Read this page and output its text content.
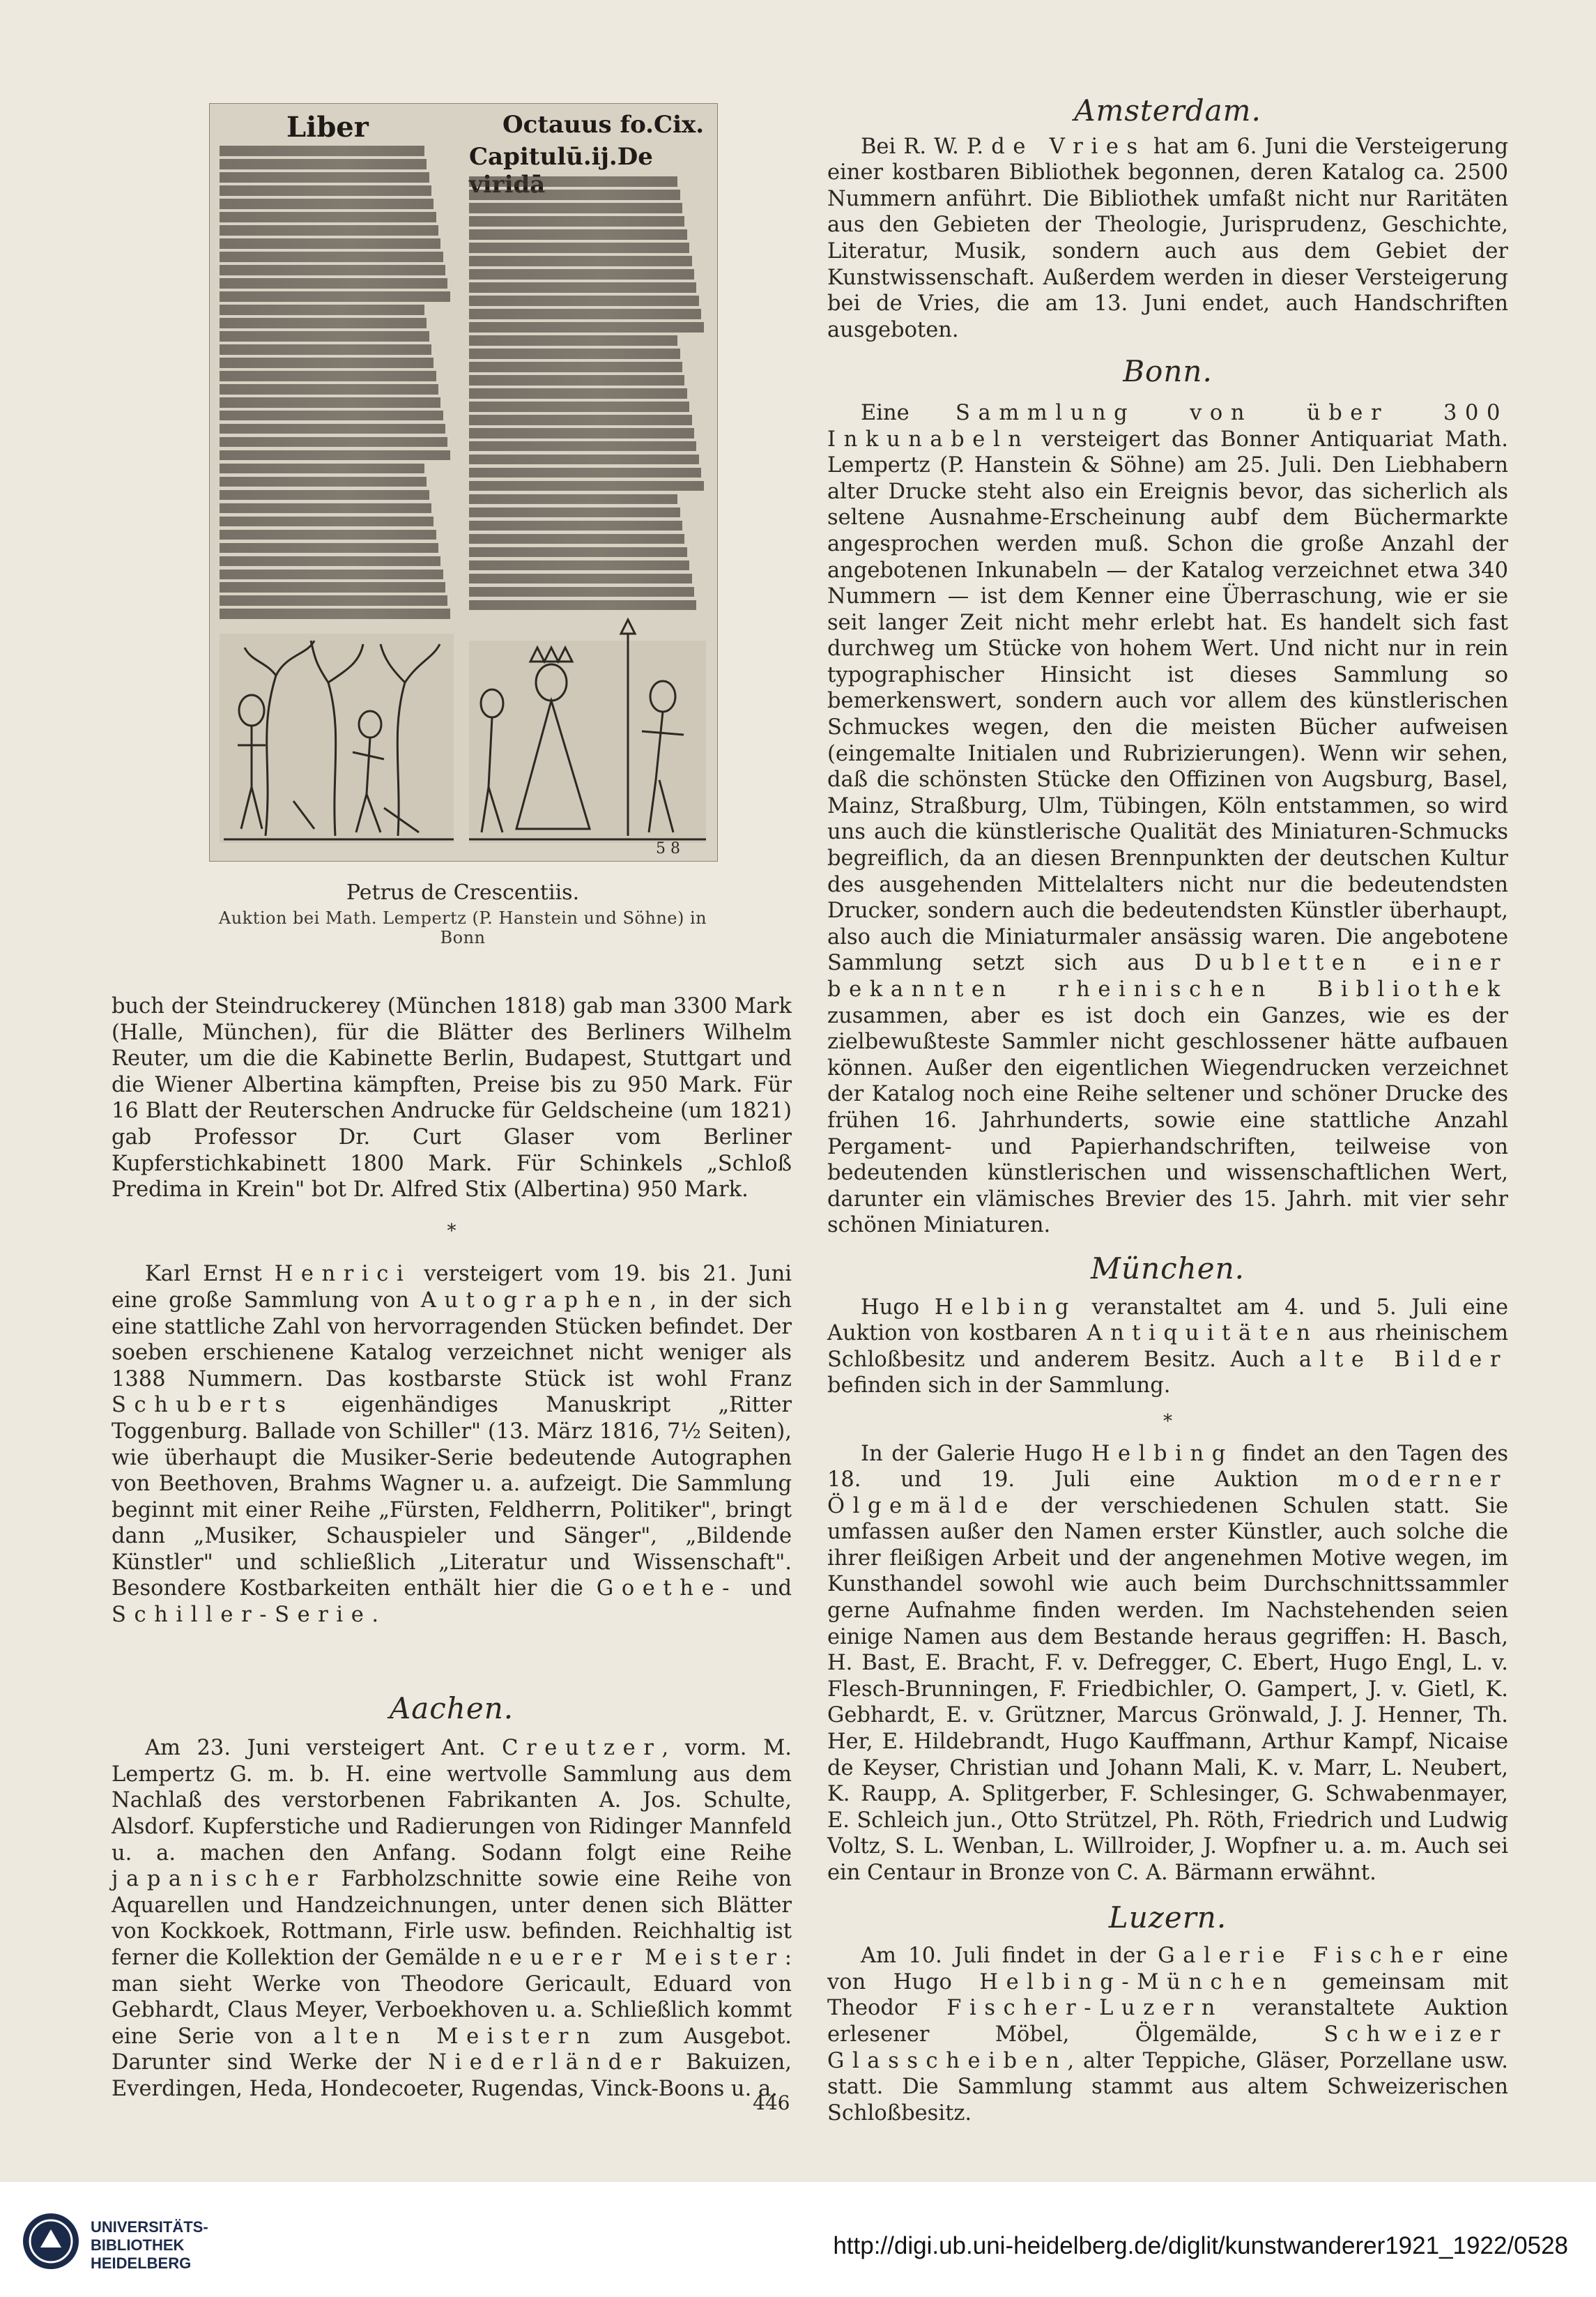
Liber	Octauus fo.Cix.
Capitulū.ij.De
5 8
Petrus de Crescentiis.
Auktion bei Math. Lempertz (P. Hanstein und Söhne) in Bonn

buch der Steindruckerey (München 1818) gab man 3300 Mark (Halle, München), für die Blätter des Berliners Wilhelm Reuter, um die die Kabinette Berlin, Budapest, Stuttgart und die Wiener Albertina kämpften, Preise bis zu 950 Mark. Für 16 Blatt der Reuterschen Andrucke für Geldscheine (um 1821) gab Professor Dr. Curt Glaser vom Berliner Kupferstichkabinett 1800 Mark. Für Schinkels „Schloß Predima in Krein" bot Dr. Alfred Stix (Albertina) 950 Mark.

*

Karl Ernst Henrici versteigert vom 19. bis 21. Juni eine große Sammlung von Autographen, in der sich eine stattliche Zahl von hervorragenden Stücken befindet. Der soeben erschienene Katalog verzeichnet nicht weniger als 1388 Nummern. Das kostbarste Stück ist wohl Franz Schuberts eigenhändiges Manuskript „Ritter Toggenburg. Ballade von Schiller" (13. März 1816, 7½ Seiten), wie überhaupt die Musiker-Serie bedeutende Autographen von Beethoven, Brahms Wagner u. a. aufzeigt. Die Sammlung beginnt mit einer Reihe „Fürsten, Feldherrn, Politiker", bringt dann „Musiker, Schauspieler und Sänger", „Bildende Künstler" und schließlich „Literatur und Wissenschaft". Besondere Kostbarkeiten enthält hier die Goethe- und Schiller-Serie.

Aachen.

Am 23. Juni versteigert Ant. Creutzer, vorm. M. Lempertz G. m. b. H. eine wertvolle Sammlung aus dem Nachlaß des verstorbenen Fabrikanten A. Jos. Schulte, Alsdorf. Kupferstiche und Radierungen von Ridinger Mannfeld u. a. machen den Anfang. Sodann folgt eine Reihe japanischer Farbholzschnitte sowie eine Reihe von Aquarellen und Handzeichnungen, unter denen sich Blätter von Kockkoek, Rottmann, Firle usw. befinden. Reichhaltig ist ferner die Kollektion der Gemälde neuerer Meister: man sieht Werke von Theodore Gericault, Eduard von Gebhardt, Claus Meyer, Verboekhoven u. a. Schließlich kommt eine Serie von alten Meistern zum Ausgebot. Darunter sind Werke der Niederländer Bakuizen, Everdingen, Heda, Hondecoeter, Rugendas, Vinck-Boons u. a.

Amsterdam.

Bei R. W. P. de Vries hat am 6. Juni die Versteigerung einer kostbaren Bibliothek begonnen, deren Katalog ca. 2500 Nummern anführt. Die Bibliothek umfaßt nicht nur Raritäten aus den Gebieten der Theologie, Jurisprudenz, Geschichte, Literatur, Musik, sondern auch aus dem Gebiet der Kunstwissenschaft. Außerdem werden in dieser Versteigerung bei de Vries, die am 13. Juni endet, auch Handschriften ausgeboten.

Bonn.

Eine Sammlung von über 300 Inkunabeln versteigert das Bonner Antiquariat Math. Lempertz (P. Hanstein & Söhne) am 25. Juli. Den Liebhabern alter Drucke steht also ein Ereignis bevor, das sicherlich als seltene Ausnahme-Erscheinung aubf dem Büchermarkte angesprochen werden muß. Schon die große Anzahl der angebotenen Inkunabeln — der Katalog verzeichnet etwa 340 Nummern — ist dem Kenner eine Überraschung, wie er sie seit langer Zeit nicht mehr erlebt hat. Es handelt sich fast durchweg um Stücke von hohem Wert. Und nicht nur in rein typographischer Hinsicht ist dieses Sammlung so bemerkenswert, sondern auch vor allem des künstlerischen Schmuckes wegen, den die meisten Bücher aufweisen (eingemalte Initialen und Rubrizierungen). Wenn wir sehen, daß die schönsten Stücke den Offizinen von Augsburg, Basel, Mainz, Straßburg, Ulm, Tübingen, Köln entstammen, so wird uns auch die künstlerische Qualität des Miniaturen-Schmucks begreiflich, da an diesen Brennpunkten der deutschen Kultur des ausgehenden Mittelalters nicht nur die bedeutendsten Drucker, sondern auch die bedeutendsten Künstler überhaupt, also auch die Miniaturmaler ansässig waren. Die angebotene Sammlung setzt sich aus Dubletten einer bekannten rheinischen Bibliothek zusammen, aber es ist doch ein Ganzes, wie es der zielbewußteste Sammler nicht geschlossener hätte aufbauen können. Außer den eigentlichen Wiegendrucken verzeichnet der Katalog noch eine Reihe seltener und schöner Drucke des frühen 16. Jahrhunderts, sowie eine stattliche Anzahl Pergament- und Papierhandschriften, teilweise von bedeutenden künstlerischen und wissenschaftlichen Wert, darunter ein vlämisches Brevier des 15. Jahrh. mit vier sehr schönen Miniaturen.

München.

Hugo Helbing veranstaltet am 4. und 5. Juli eine Auktion von kostbaren Antiquitäten aus rheinischem Schloßbesitz und anderem Besitz. Auch alte Bilder befinden sich in der Sammlung.

*

In der Galerie Hugo Helbing findet an den Tagen des 18. und 19. Juli eine Auktion moderner Ölgemälde der verschiedenen Schulen statt. Sie umfassen außer den Namen erster Künstler, auch solche die ihrer fleißigen Arbeit und der angenehmen Motive wegen, im Kunsthandel sowohl wie auch beim Durchschnittssammler gerne Aufnahme finden werden. Im Nachstehenden seien einige Namen aus dem Bestande heraus gegriffen: H. Basch, H. Bast, E. Bracht, F. v. Defregger, C. Ebert, Hugo Engl, L. v. Flesch-Brunningen, F. Friedbichler, O. Gampert, J. v. Gietl, K. Gebhardt, E. v. Grützner, Marcus Grönwald, J. J. Henner, Th. Her, E. Hildebrandt, Hugo Kauffmann, Arthur Kampf, Nicaise de Keyser, Christian und Johann Mali, K. v. Marr, L. Neubert, K. Raupp, A. Splitgerber, F. Schlesinger, G. Schwabenmayer, E. Schleich jun., Otto Strützel, Ph. Röth, Friedrich und Ludwig Voltz, S. L. Wenban, L. Willroider, J. Wopfner u. a. m. Auch sei ein Centaur in Bronze von C. A. Bärmann erwähnt.

Luzern.

Am 10. Juli findet in der Galerie Fischer eine von Hugo Helbing-München gemeinsam mit Theodor Fischer-Luzern veranstaltete Auktion erlesener Möbel, Ölgemälde, Schweizer Glasscheiben, alter Teppiche, Gläser, Porzellane usw. statt. Die Sammlung stammt aus altem Schweizerischen Schloßbesitz.

446
UNIVERSITÄTS-
BIBLIOTHEK
HEIDELBERG
http://digi.ub.uni-heidelberg.de/diglit/kunstwanderer1921_1922/0528
